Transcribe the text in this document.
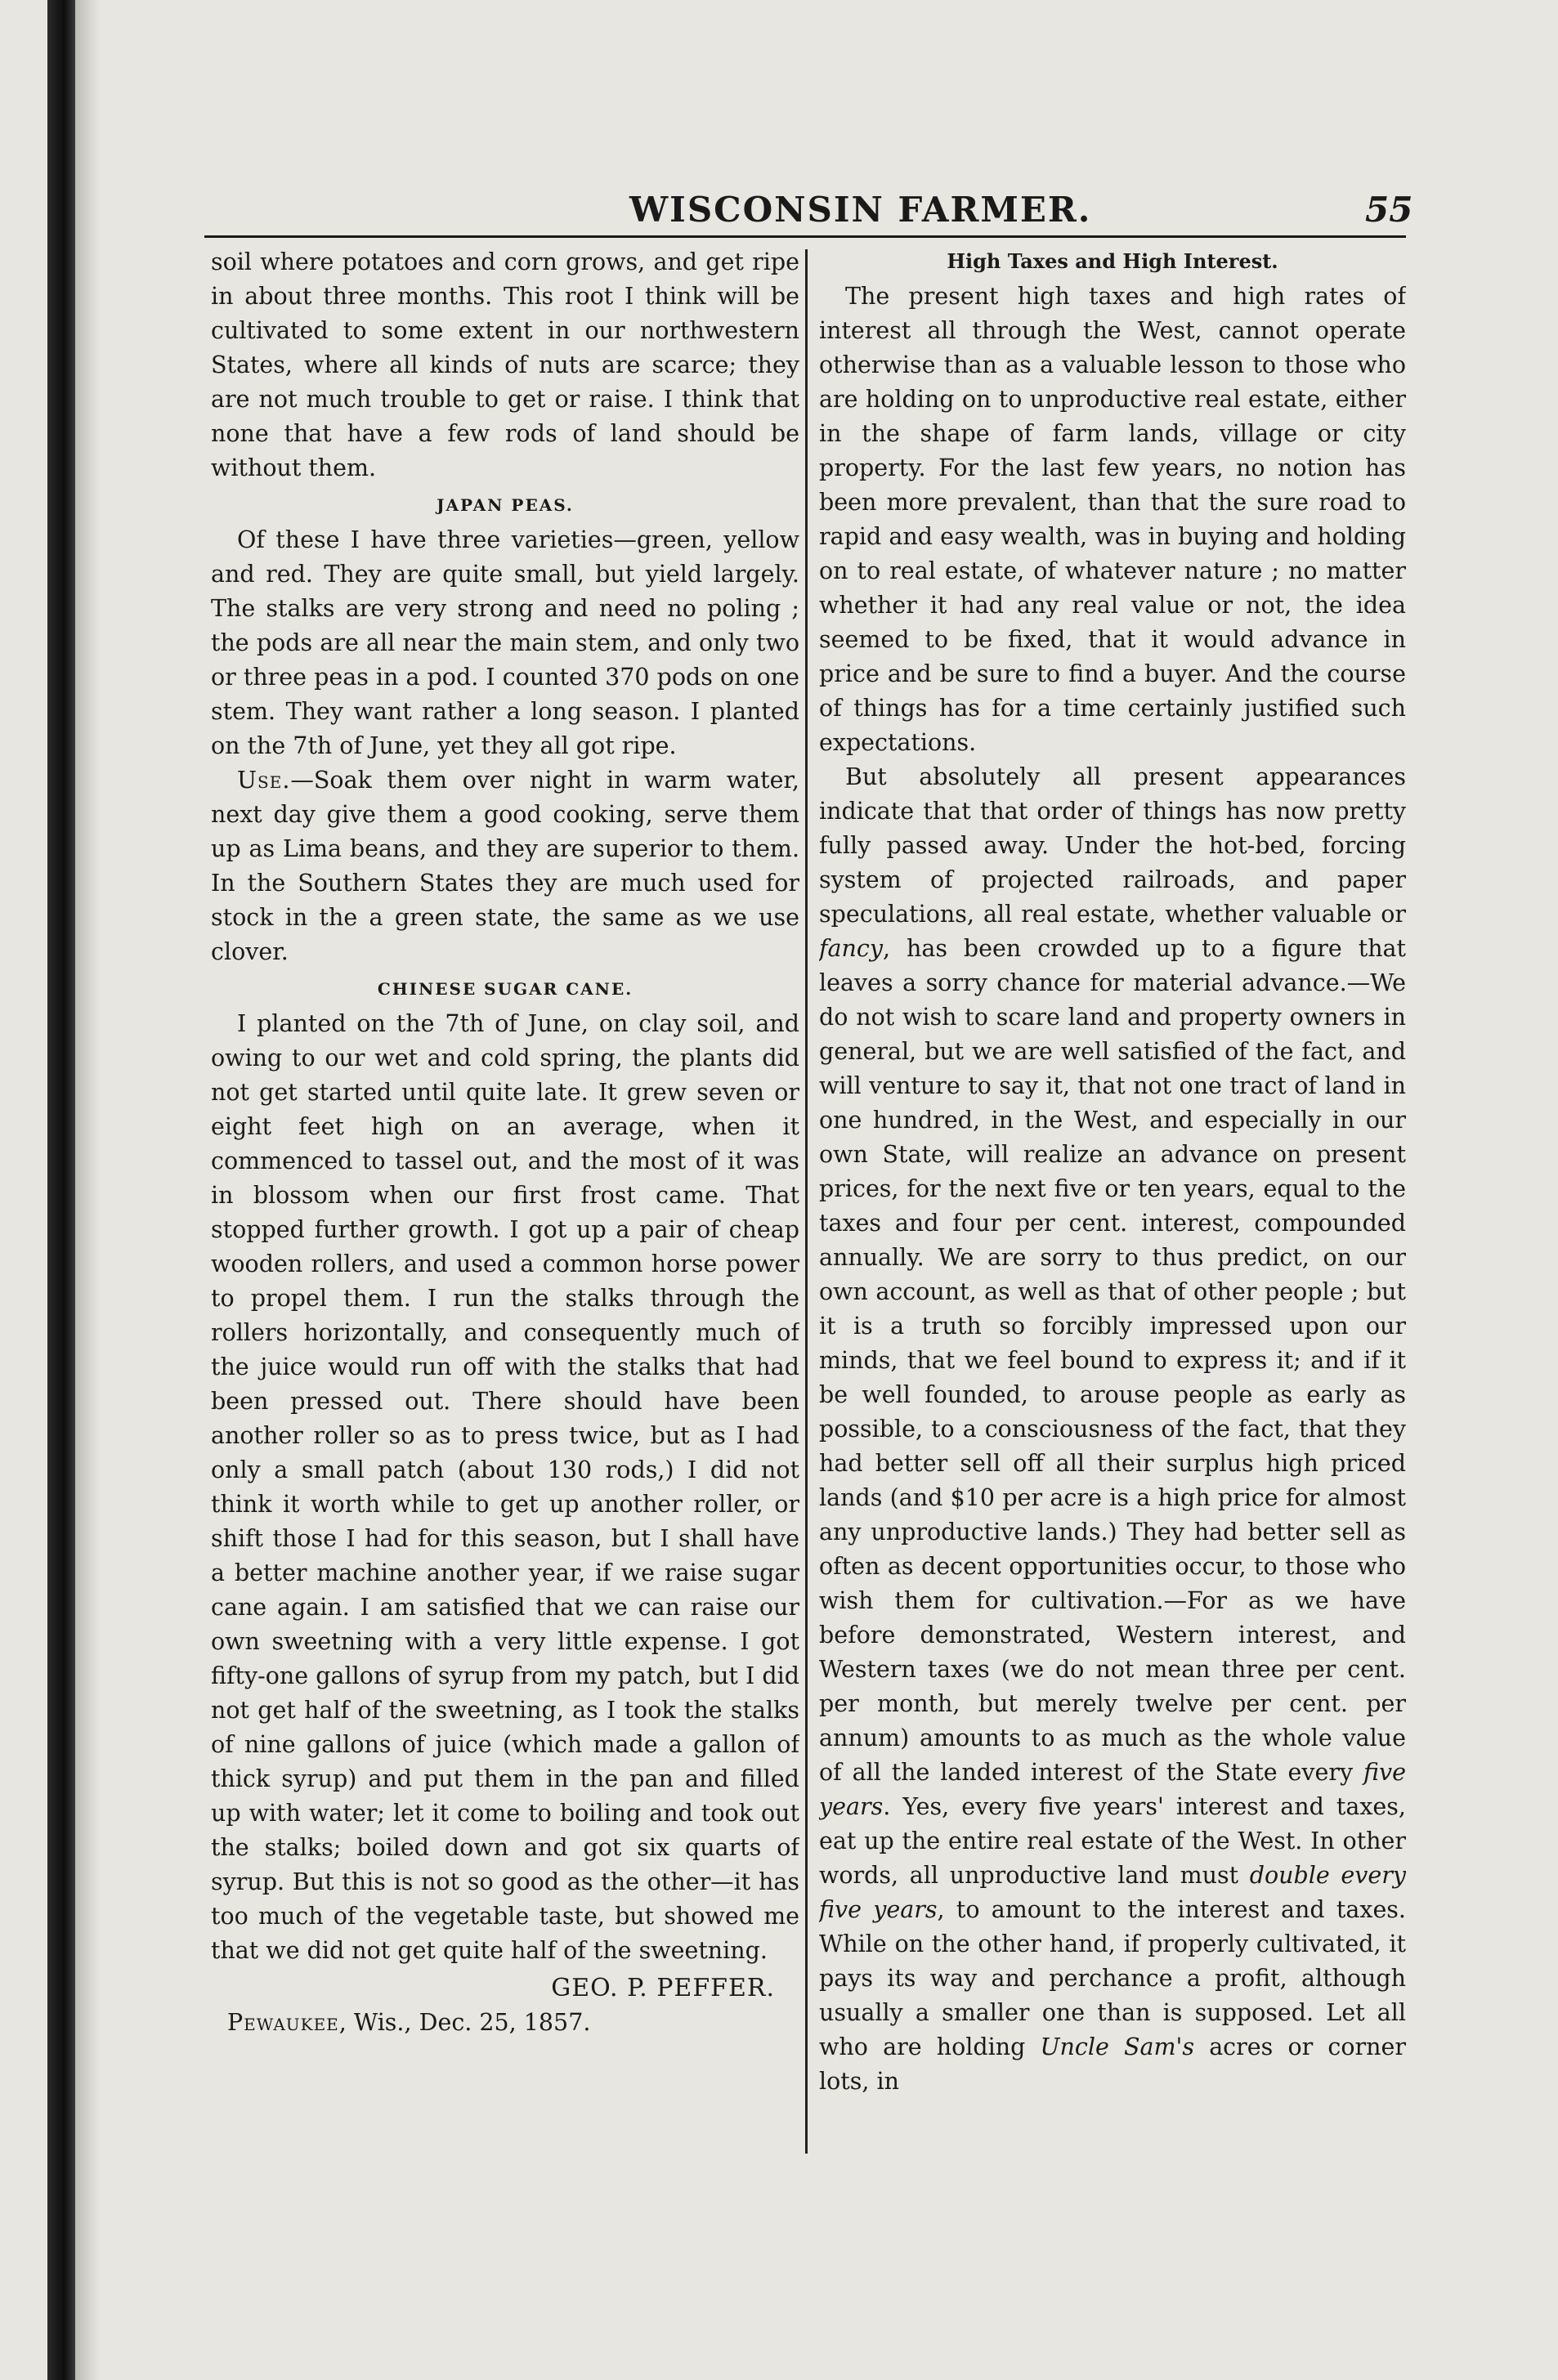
WISCONSIN FARMER.	55

soil where potatoes and corn grows, and get ripe in about three months. This root I think will be cultivated to some extent in our northwestern States, where all kinds of nuts are scarce; they are not much trouble to get or raise. I think that none that have a few rods of land should be without them.

JAPAN PEAS.

Of these I have three varieties—green, yellow and red. They are quite small, but yield largely. The stalks are very strong and need no poling ; the pods are all near the main stem, and only two or three peas in a pod. I counted 370 pods on one stem. They want rather a long season. I planted on the 7th of June, yet they all got ripe.

Use.—Soak them over night in warm water, next day give them a good cooking, serve them up as Lima beans, and they are superior to them. In the Southern States they are much used for stock in the a green state, the same as we use clover.

CHINESE SUGAR CANE.

I planted on the 7th of June, on clay soil, and owing to our wet and cold spring, the plants did not get started until quite late. It grew seven or eight feet high on an average, when it commenced to tassel out, and the most of it was in blossom when our first frost came. That stopped further growth. I got up a pair of cheap wooden rollers, and used a common horse power to propel them. I run the stalks through the rollers horizontally, and consequently much of the juice would run off with the stalks that had been pressed out. There should have been another roller so as to press twice, but as I had only a small patch (about 130 rods,) I did not think it worth while to get up another roller, or shift those I had for this season, but I shall have a better machine another year, if we raise sugar cane again. I am satisfied that we can raise our own sweetning with a very little expense. I got fifty-one gallons of syrup from my patch, but I did not get half of the sweetning, as I took the stalks of nine gallons of juice (which made a gallon of thick syrup) and put them in the pan and filled up with water; let it come to boiling and took out the stalks; boiled down and got six quarts of syrup. But this is not so good as the other—it has too much of the vegetable taste, but showed me that we did not get quite half of the sweetning.

GEO. P. PEFFER.

Pewaukee, Wis., Dec. 25, 1857.

High Taxes and High Interest.

The present high taxes and high rates of interest all through the West, cannot operate otherwise than as a valuable lesson to those who are holding on to unproductive real estate, either in the shape of farm lands, village or city property. For the last few years, no notion has been more prevalent, than that the sure road to rapid and easy wealth, was in buying and holding on to real estate, of whatever nature ; no matter whether it had any real value or not, the idea seemed to be fixed, that it would advance in price and be sure to find a buyer. And the course of things has for a time certainly justified such expectations.

But absolutely all present appearances indicate that that order of things has now pretty fully passed away. Under the hot-bed, forcing system of projected railroads, and paper speculations, all real estate, whether valuable or fancy, has been crowded up to a figure that leaves a sorry chance for material advance.—We do not wish to scare land and property owners in general, but we are well satisfied of the fact, and will venture to say it, that not one tract of land in one hundred, in the West, and especially in our own State, will realize an advance on present prices, for the next five or ten years, equal to the taxes and four per cent. interest, compounded annually. We are sorry to thus predict, on our own account, as well as that of other people ; but it is a truth so forcibly impressed upon our minds, that we feel bound to express it; and if it be well founded, to arouse people as early as possible, to a consciousness of the fact, that they had better sell off all their surplus high priced lands (and $10 per acre is a high price for almost any unproductive lands.) They had better sell as often as decent opportunities occur, to those who wish them for cultivation.—For as we have before demonstrated, Western interest, and Western taxes (we do not mean three per cent. per month, but merely twelve per cent. per annum) amounts to as much as the whole value of all the landed interest of the State every five years. Yes, every five years' interest and taxes, eat up the entire real estate of the West. In other words, all unproductive land must double every five years, to amount to the interest and taxes. While on the other hand, if properly cultivated, it pays its way and perchance a profit, although usually a smaller one than is supposed. Let all who are holding Uncle Sam's acres or corner lots, in
